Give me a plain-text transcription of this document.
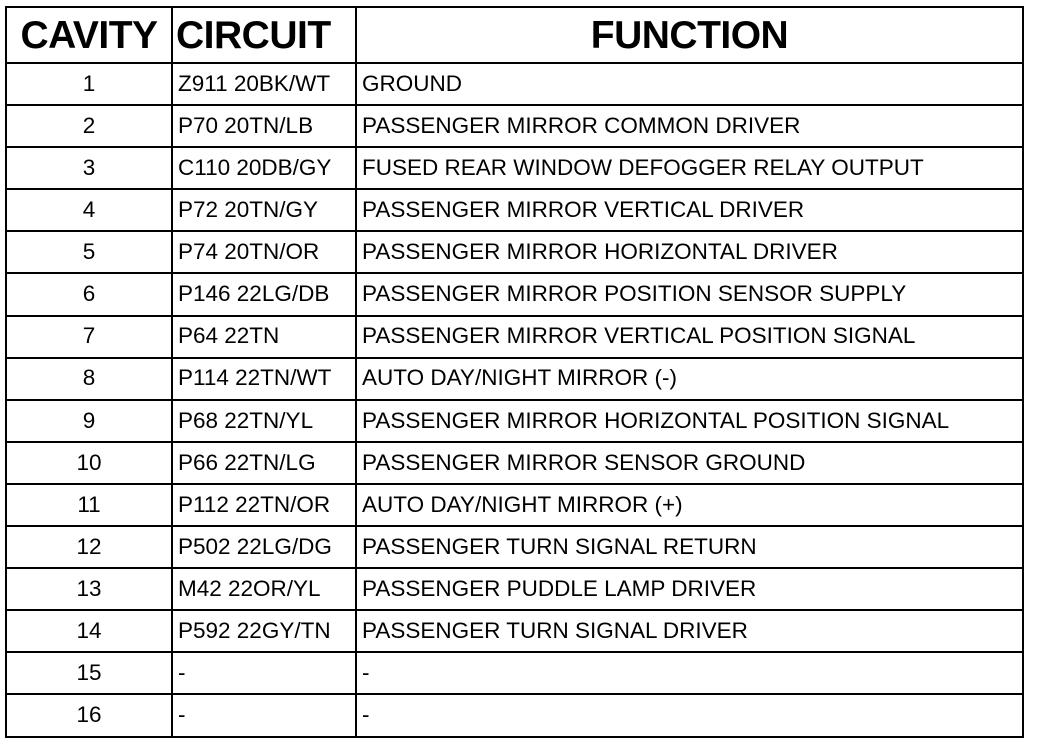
CAVITY	CIRCUIT	FUNCTION
1	Z911 20BK/WT	GROUND
2	P70 20TN/LB	PASSENGER MIRROR COMMON DRIVER
3	C110 20DB/GY	FUSED REAR WINDOW DEFOGGER RELAY OUTPUT
4	P72 20TN/GY	PASSENGER MIRROR VERTICAL DRIVER
5	P74 20TN/OR	PASSENGER MIRROR HORIZONTAL DRIVER
6	P146 22LG/DB	PASSENGER MIRROR POSITION SENSOR SUPPLY
7	P64 22TN	PASSENGER MIRROR VERTICAL POSITION SIGNAL
8	P114 22TN/WT	AUTO DAY/NIGHT MIRROR (-)
9	P68 22TN/YL	PASSENGER MIRROR HORIZONTAL POSITION SIGNAL
10	P66 22TN/LG	PASSENGER MIRROR SENSOR GROUND
11	P112 22TN/OR	AUTO DAY/NIGHT MIRROR (+)
12	P502 22LG/DG	PASSENGER TURN SIGNAL RETURN
13	M42 22OR/YL	PASSENGER PUDDLE LAMP DRIVER
14	P592 22GY/TN	PASSENGER TURN SIGNAL DRIVER
15	-	-
16	-	-
